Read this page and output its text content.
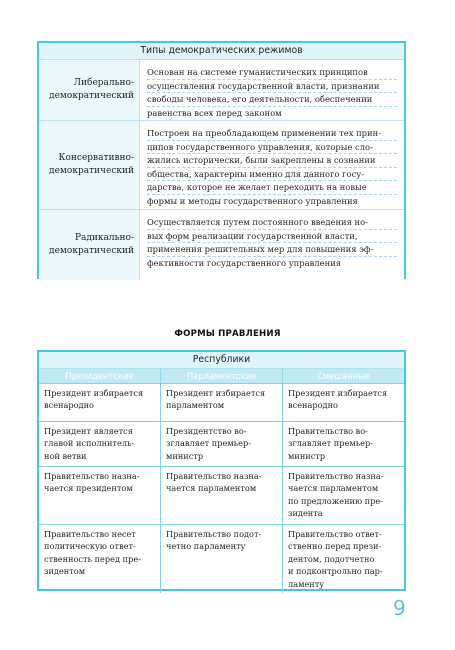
Типы демократических режимов
Либерально-
демократический
Основан на системе гуманистических принципов
осуществления государственной власти, признании
свободы человека, его деятельности, обеспечении
равенства всех перед законом
Консервативно-
демократический
Построен на преобладающем применении тех прин-
ципов государственного управления, которые сло-
жились исторически, были закреплены в сознании
общества, характерны именно для данного госу-
дарства, которое не желает переходить на новые
формы и методы государственного управления
Радикально-
демократический
Осуществляется путем постоянного введения но-
вых форм реализации государственной власти,
применения решительных мер для повышения эф-
фективности государственного управления
ФОРМЫ ПРАВЛЕНИЯ
Республики
Президентские	Парламентские	Смешанные
Президент избирается
всенародно
Президент избирается
парламентом
Президент избирается
всенародно
Президент является
главой исполнитель-
ной ветви
Президентство во-
зглавляет премьер-
министр
Правительство во-
зглавляет премьер-
министр
Правительство назна-
чается президентом
Правительство назна-
чается парламентом
Правительство назна-
чается парламентом
по предложению пре-
зидента
Правительство несет
политическую ответ-
ственность перед пре-
зидентом
Правительство подот-
четно парламенту
Правительство ответ-
ственно перед прези-
дентом, подотчетно
и подконтрольно пар-
ламенту
9
